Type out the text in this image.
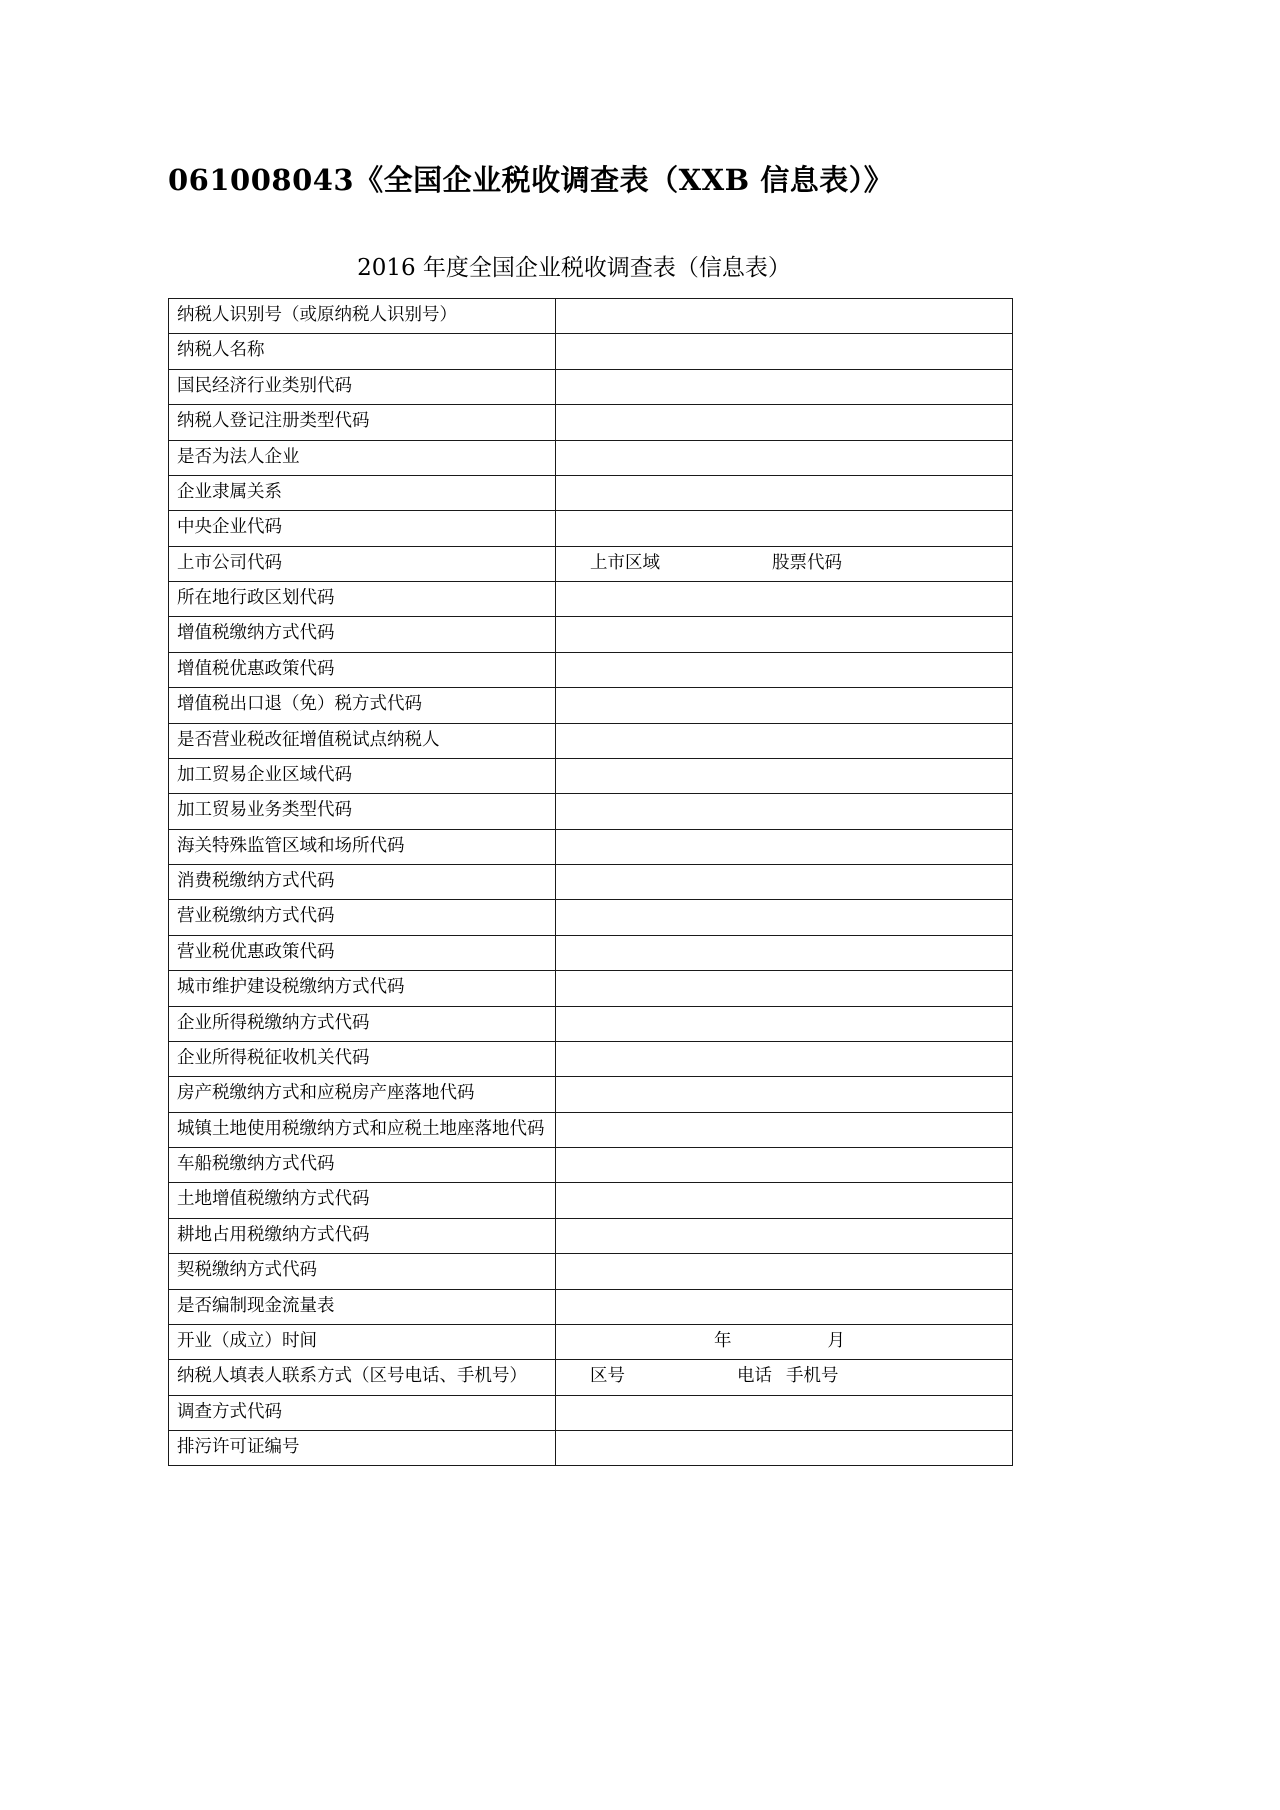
061008043《全国企业税收调查表（XXB 信息表）》
2016 年度全国企业税收调查表（信息表）
纳税人识别号（或原纳税人识别号）	
纳税人名称	
国民经济行业类别代码	
纳税人登记注册类型代码	
是否为法人企业	
企业隶属关系	
中央企业代码	
上市公司代码	上市区域 股票代码
所在地行政区划代码	
增值税缴纳方式代码	
增值税优惠政策代码	
增值税出口退（免）税方式代码	
是否营业税改征增值税试点纳税人	
加工贸易企业区域代码	
加工贸易业务类型代码	
海关特殊监管区域和场所代码	
消费税缴纳方式代码	
营业税缴纳方式代码	
营业税优惠政策代码	
城市维护建设税缴纳方式代码	
企业所得税缴纳方式代码	
企业所得税征收机关代码	
房产税缴纳方式和应税房产座落地代码	
城镇土地使用税缴纳方式和应税土地座落地代码	
车船税缴纳方式代码	
土地增值税缴纳方式代码	
耕地占用税缴纳方式代码	
契税缴纳方式代码	
是否编制现金流量表	
开业（成立）时间	年 月
纳税人填表人联系方式（区号电话、手机号）	区号 电话 手机号
调查方式代码	
排污许可证编号	
